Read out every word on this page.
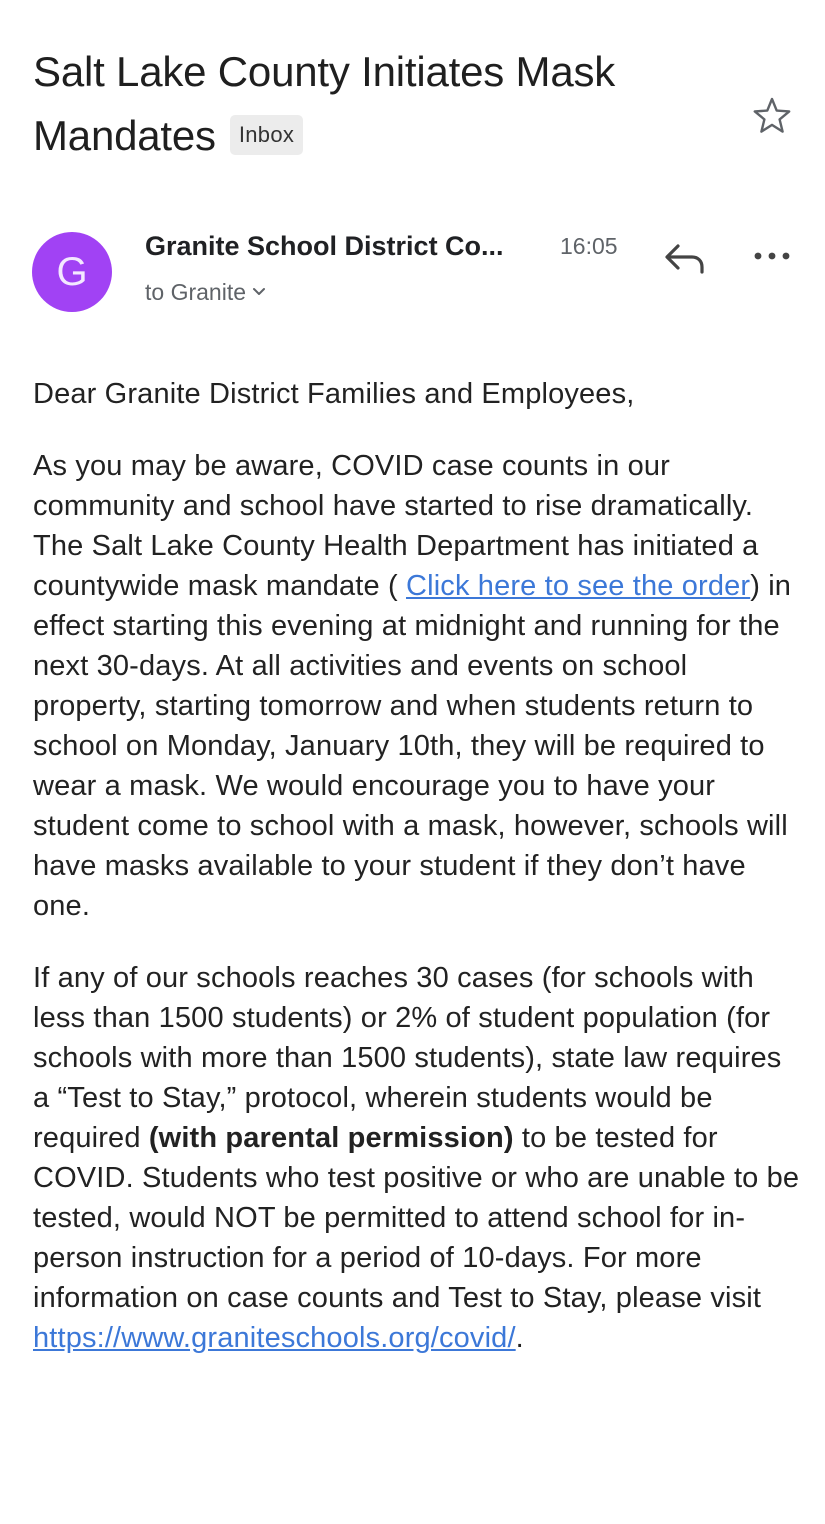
Salt Lake County Initiates Mask Mandates Inbox
G
Granite School District Co...	16:05
to Granite

Dear Granite District Families and Employees,

As you may be aware, COVID case counts in our community and school have started to rise dramatically. The Salt Lake County Health Department has initiated a countywide mask mandate ( Click here to see the order) in effect starting this evening at midnight and running for the next 30-days. At all activities and events on school property, starting tomorrow and when students return to school on Monday, January 10th, they will be required to wear a mask. We would encourage you to have your student come to school with a mask, however, schools will have masks available to your student if they don’t have one.

If any of our schools reaches 30 cases (for schools with less than 1500 students) or 2% of student population (for schools with more than 1500 students), state law requires a “Test to Stay,” protocol, wherein students would be required (with parental permission) to be tested for COVID. Students who test positive or who are unable to be tested, would NOT be permitted to attend school for in-person instruction for a period of 10-days. For more information on case counts and Test to Stay, please visit https://www.graniteschools.org/covid/.
